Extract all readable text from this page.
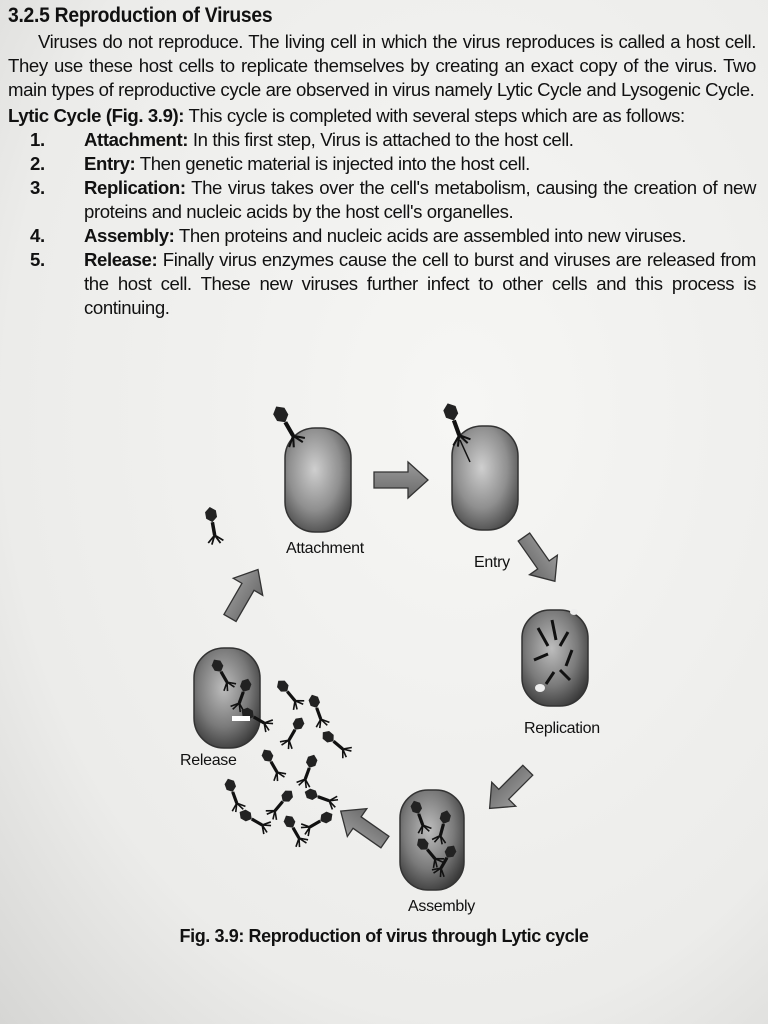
3.2.5 Reproduction of Viruses

Viruses do not reproduce. The living cell in which the virus reproduces is called a host cell. They use these host cells to replicate themselves by creating an exact copy of the virus. Two main types of reproductive cycle are observed in virus namely Lytic Cycle and Lysogenic Cycle.

Lytic Cycle (Fig. 3.9): This cycle is completed with several steps which are as follows:

1. Attachment: In this first step, Virus is attached to the host cell.
2. Entry: Then genetic material is injected into the host cell.
3. Replication: The virus takes over the cell's metabolism, causing the creation of new proteins and nucleic acids by the host cell's organelles.
4. Assembly: Then proteins and nucleic acids are assembled into new viruses.
5. Release: Finally virus enzymes cause the cell to burst and viruses are released from the host cell. These new viruses further infect to other cells and this process is continuing.
Attachment
Entry
Replication
Assembly
Release
Fig. 3.9: Reproduction of virus through Lytic cycle
